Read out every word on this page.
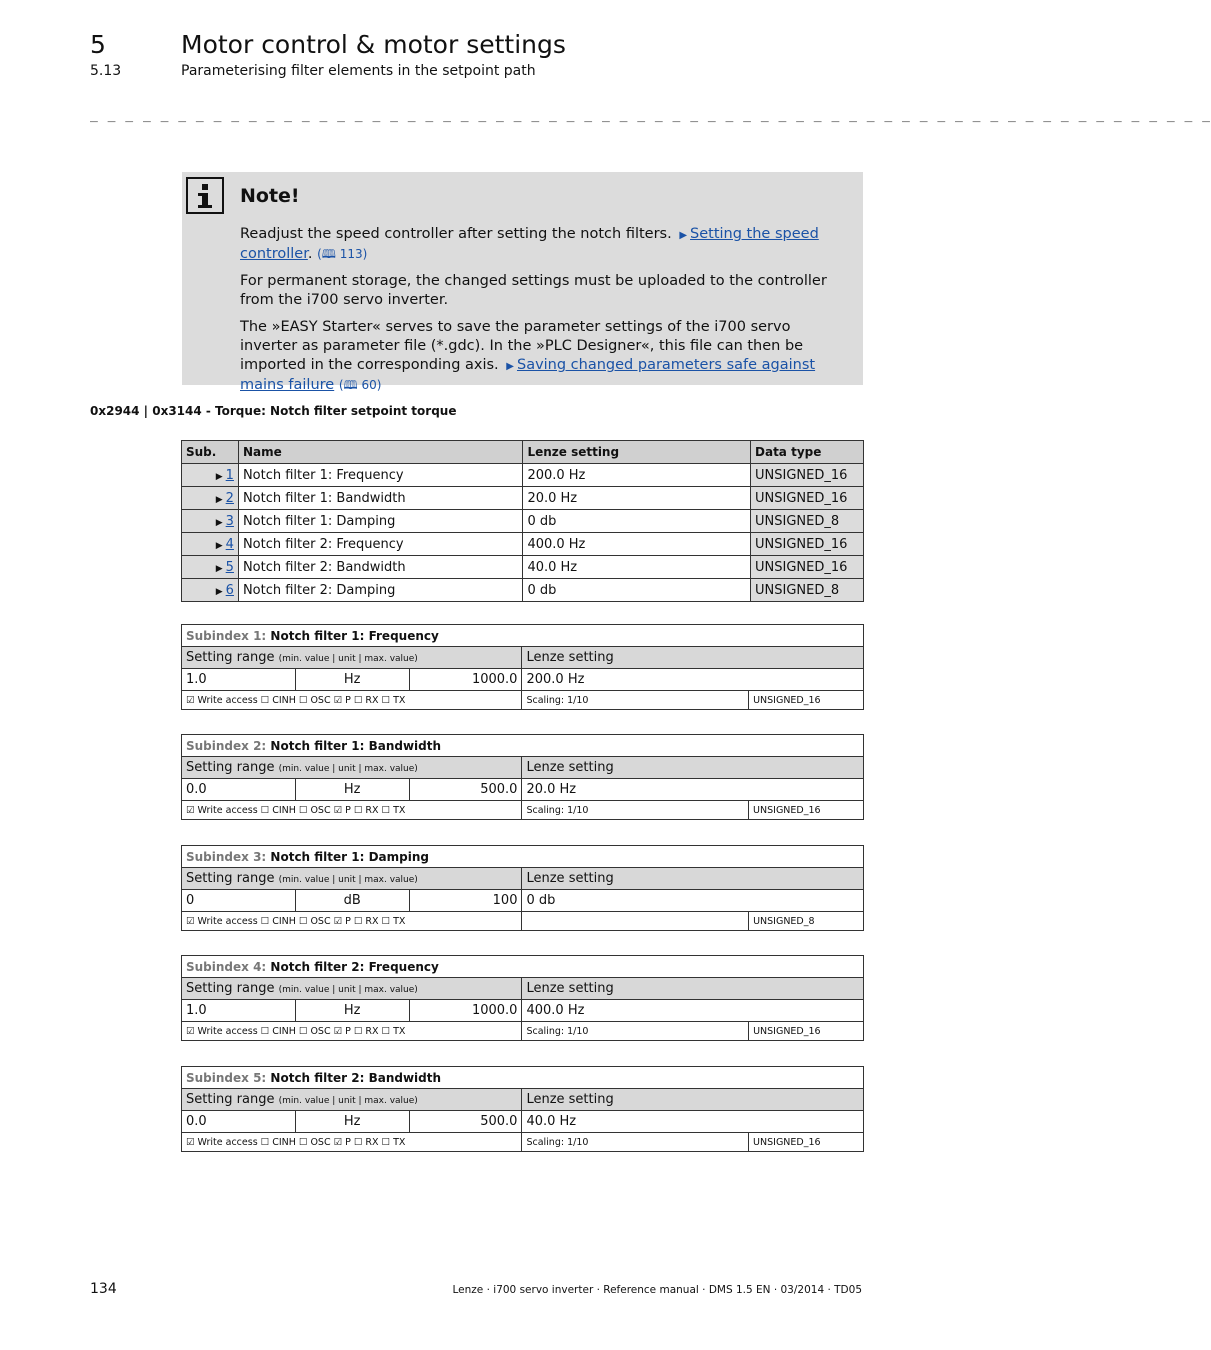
5	Motor control & motor settings
5.13	Parameterising filter elements in the setpoint path
_ _ _ _ _ _ _ _ _ _ _ _ _ _ _ _ _ _ _ _ _ _ _ _ _ _ _ _ _ _ _ _ _ _ _ _ _ _ _ _ _ _ _ _ _ _ _ _ _ _ _ _ _ _ _ _ _ _ _ _ _ _ _ _
Note!

Readjust the speed controller after setting the notch filters. ▶ Setting the speed controller. (🕮 113)

For permanent storage, the changed settings must be uploaded to the controller from the i700 servo inverter.

The »EASY Starter« serves to save the parameter settings of the i700 servo inverter as parameter file (*.gdc). In the »PLC Designer«, this file can then be imported in the corresponding axis. ▶ Saving changed parameters safe against mains failure (🕮 60)

0x2944 | 0x3144 - Torque: Notch filter setpoint torque
Sub.	Name	Lenze setting	Data type
▶ 1	Notch filter 1: Frequency	200.0 Hz	UNSIGNED_16
▶ 2	Notch filter 1: Bandwidth	20.0 Hz	UNSIGNED_16
▶ 3	Notch filter 1: Damping	0 db	UNSIGNED_8
▶ 4	Notch filter 2: Frequency	400.0 Hz	UNSIGNED_16
▶ 5	Notch filter 2: Bandwidth	40.0 Hz	UNSIGNED_16
▶ 6	Notch filter 2: Damping	0 db	UNSIGNED_8
Subindex 1: Notch filter 1: Frequency				
Setting range (min. value | unit | max. value)			Lenze setting	
1.0	Hz	1000.0	200.0 Hz	
☑ Write access ☐ CINH ☐ OSC ☑ P ☐ RX ☐ TX			Scaling: 1/10	UNSIGNED_16
Subindex 2: Notch filter 1: Bandwidth				
Setting range (min. value | unit | max. value)			Lenze setting	
0.0	Hz	500.0	20.0 Hz	
☑ Write access ☐ CINH ☐ OSC ☑ P ☐ RX ☐ TX			Scaling: 1/10	UNSIGNED_16
Subindex 3: Notch filter 1: Damping				
Setting range (min. value | unit | max. value)			Lenze setting	
0	dB	100	0 db	
☑ Write access ☐ CINH ☐ OSC ☑ P ☐ RX ☐ TX				UNSIGNED_8
Subindex 4: Notch filter 2: Frequency				
Setting range (min. value | unit | max. value)			Lenze setting	
1.0	Hz	1000.0	400.0 Hz	
☑ Write access ☐ CINH ☐ OSC ☑ P ☐ RX ☐ TX			Scaling: 1/10	UNSIGNED_16
Subindex 5: Notch filter 2: Bandwidth				
Setting range (min. value | unit | max. value)			Lenze setting	
0.0	Hz	500.0	40.0 Hz	
☑ Write access ☐ CINH ☐ OSC ☑ P ☐ RX ☐ TX			Scaling: 1/10	UNSIGNED_16
134	Lenze · i700 servo inverter · Reference manual · DMS 1.5 EN · 03/2014 · TD05
